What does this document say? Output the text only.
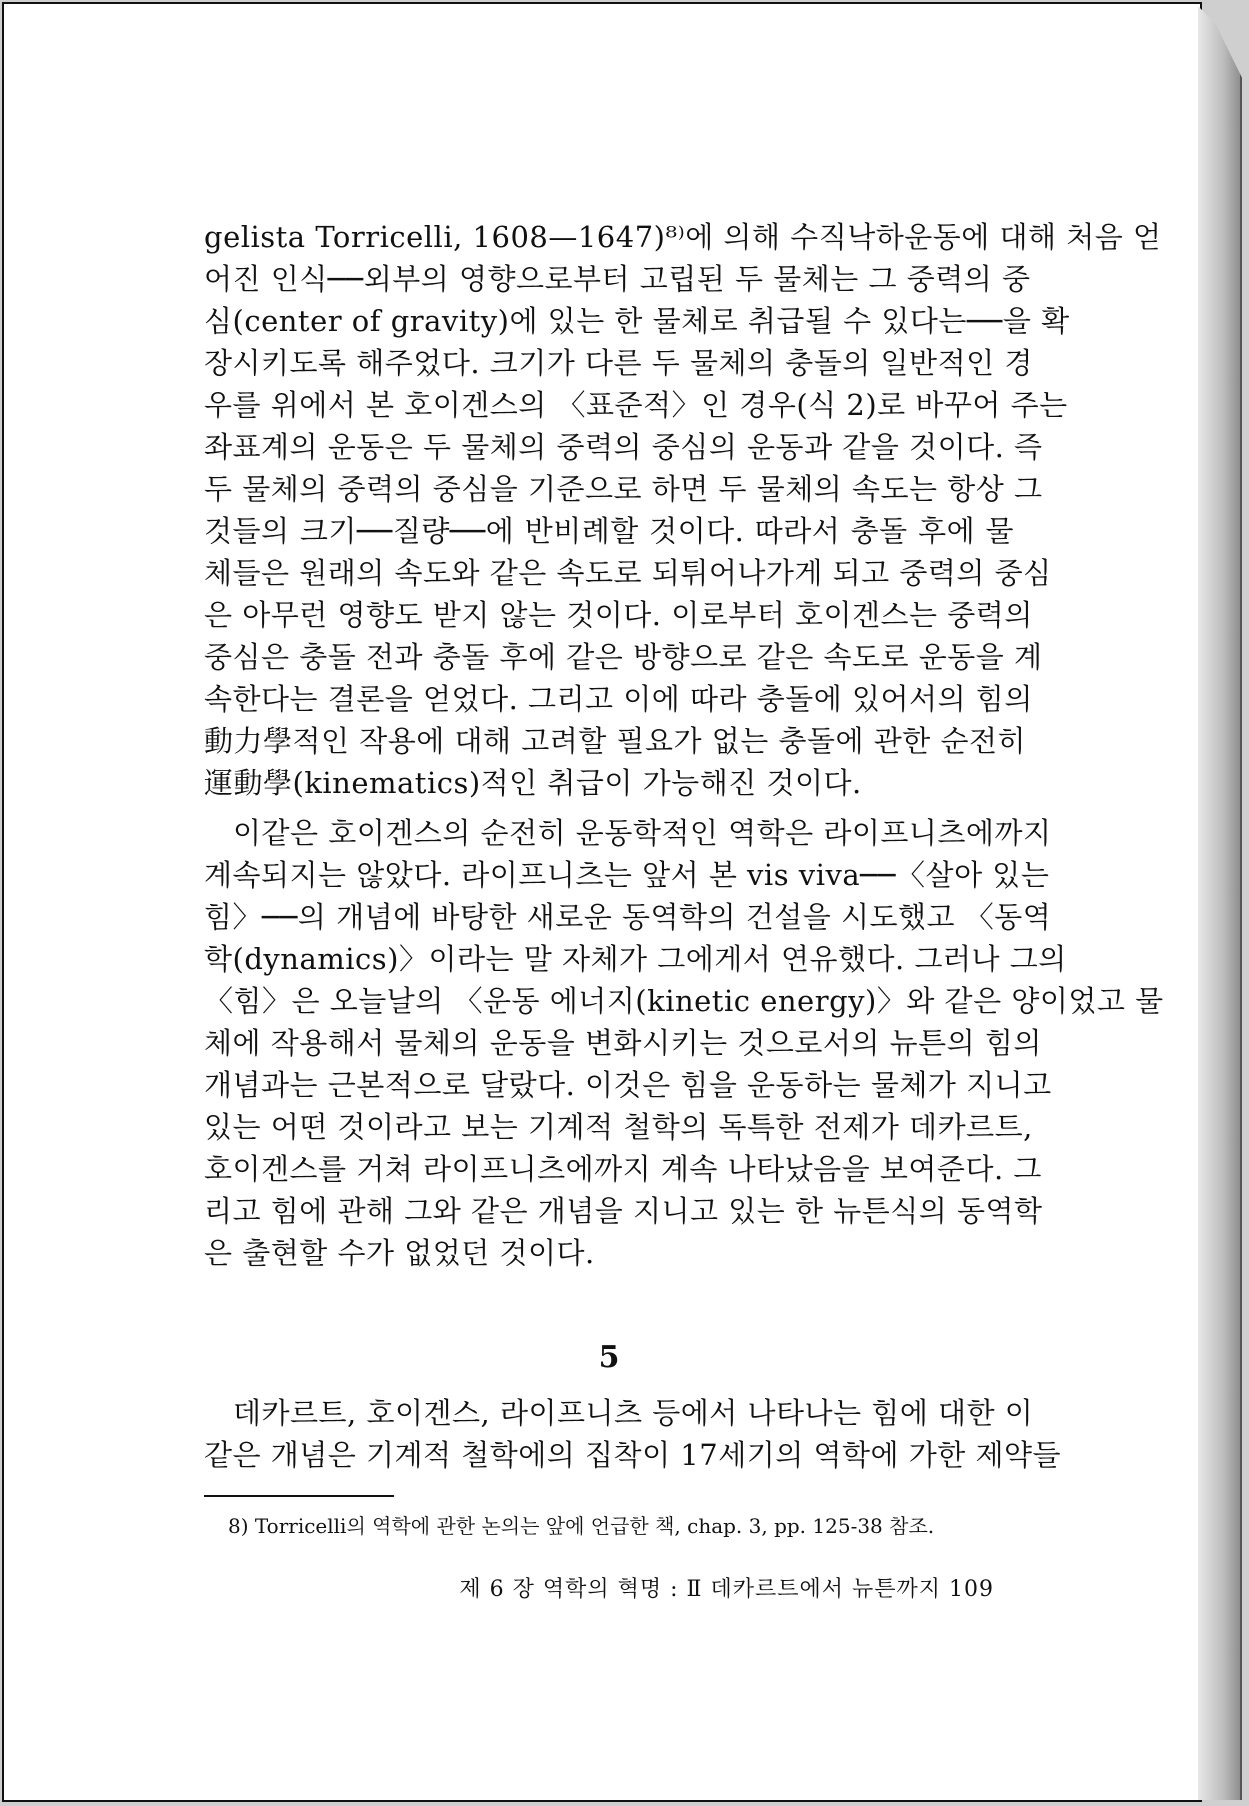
gelista Torricelli, 1608—1647)⁸⁾에 의해 수직낙하운동에 대해 처음 얻
어진 인식──외부의 영향으로부터 고립된 두 물체는 그 중력의 중
심(center of gravity)에 있는 한 물체로 취급될 수 있다는──을 확
장시키도록 해주었다. 크기가 다른 두 물체의 충돌의 일반적인 경
우를 위에서 본 호이겐스의 〈표준적〉인 경우(식 2)로 바꾸어 주는
좌표계의 운동은 두 물체의 중력의 중심의 운동과 같을 것이다. 즉
두 물체의 중력의 중심을 기준으로 하면 두 물체의 속도는 항상 그
것들의 크기──질량──에 반비례할 것이다. 따라서 충돌 후에 물
체들은 원래의 속도와 같은 속도로 되튀어나가게 되고 중력의 중심
은 아무런 영향도 받지 않는 것이다. 이로부터 호이겐스는 중력의
중심은 충돌 전과 충돌 후에 같은 방향으로 같은 속도로 운동을 계
속한다는 결론을 얻었다. 그리고 이에 따라 충돌에 있어서의 힘의
動力學적인 작용에 대해 고려할 필요가 없는 충돌에 관한 순전히
運動學(kinematics)적인 취급이 가능해진 것이다.
이같은 호이겐스의 순전히 운동학적인 역학은 라이프니츠에까지
계속되지는 않았다. 라이프니츠는 앞서 본 vis viva──〈살아 있는
힘〉──의 개념에 바탕한 새로운 동역학의 건설을 시도했고 〈동역
학(dynamics)〉이라는 말 자체가 그에게서 연유했다. 그러나 그의
〈힘〉은 오늘날의 〈운동 에너지(kinetic energy)〉와 같은 양이었고 물
체에 작용해서 물체의 운동을 변화시키는 것으로서의 뉴튼의 힘의
개념과는 근본적으로 달랐다. 이것은 힘을 운동하는 물체가 지니고
있는 어떤 것이라고 보는 기계적 철학의 독특한 전제가 데카르트,
호이겐스를 거쳐 라이프니츠에까지 계속 나타났음을 보여준다. 그
리고 힘에 관해 그와 같은 개념을 지니고 있는 한 뉴튼식의 동역학
은 출현할 수가 없었던 것이다.
5
데카르트, 호이겐스, 라이프니츠 등에서 나타나는 힘에 대한 이
같은 개념은 기계적 철학에의 집착이 17세기의 역학에 가한 제약들
8) Torricelli의 역학에 관한 논의는 앞에 언급한 책, chap. 3, pp. 125-38 참조.
제 6 장 역학의 혁명 : Ⅱ 데카르트에서 뉴튼까지 109
